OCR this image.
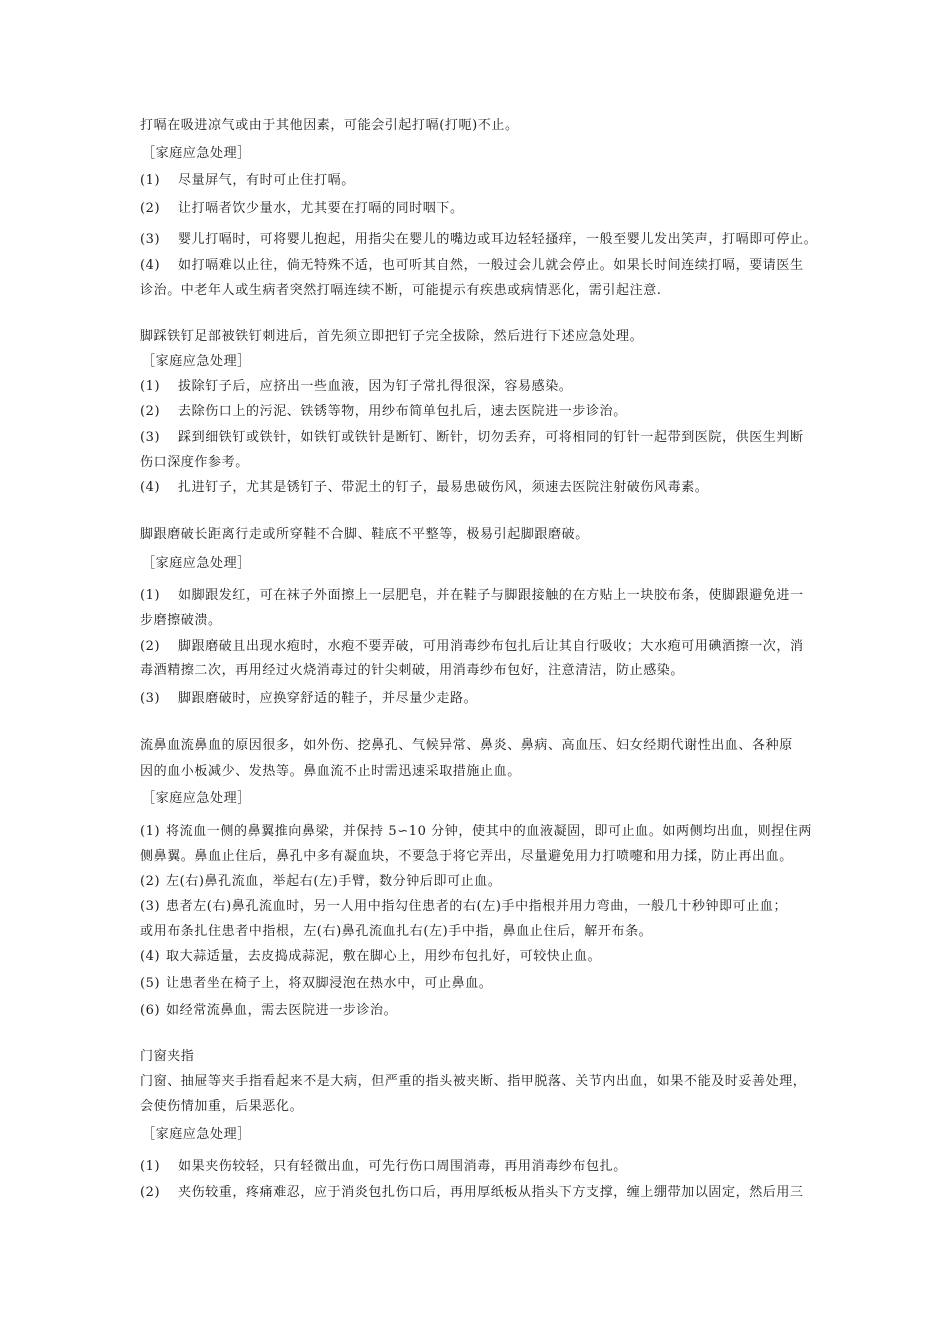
打嗝在吸进凉气或由于其他因素，可能会引起打嗝(打呃)不止。
［家庭应急处理］
(1) 尽量屏气，有时可止住打嗝。
(2) 让打嗝者饮少量水，尤其要在打嗝的同时咽下。
(3) 婴儿打嗝时，可将婴儿抱起，用指尖在婴儿的嘴边或耳边轻轻搔痒，一般至婴儿发出笑声，打嗝即可停止。
(4) 如打嗝难以止往，倘无特殊不适，也可听其自然，一般过会儿就会停止。如果长时间连续打嗝，要请医生
诊治。中老年人或生病者突然打嗝连续不断，可能提示有疾患或病情恶化，需引起注意.
脚踩铁钉足部被铁钉刺进后，首先须立即把钉子完全拔除，然后进行下述应急处理。
［家庭应急处理］
(1) 拔除钉子后，应挤出一些血液，因为钉子常扎得很深，容易感染。
(2) 去除伤口上的污泥、铁锈等物，用纱布简单包扎后，速去医院进一步诊治。
(3) 踩到细铁钉或铁针，如铁钉或铁针是断钉、断针，切勿丢弃，可将相同的钉针一起带到医院，供医生判断
伤口深度作参考。
(4) 扎进钉子，尤其是锈钉子、带泥土的钉子，最易患破伤风，须速去医院注射破伤风毒素。
脚跟磨破长距离行走或所穿鞋不合脚、鞋底不平整等，极易引起脚跟磨破。
［家庭应急处理］
(1) 如脚跟发红，可在袜子外面擦上一层肥皂，并在鞋子与脚跟接触的在方贴上一块胶布条，使脚跟避免进一
步磨擦破溃。
(2) 脚跟磨破且出现水疱时，水疱不要弄破，可用消毒纱布包扎后让其自行吸收；大水疱可用碘酒擦一次，消
毒酒精擦二次，再用经过火烧消毒过的针尖刺破，用消毒纱布包好，注意清洁，防止感染。
(3) 脚跟磨破时，应换穿舒适的鞋子，并尽量少走路。
流鼻血流鼻血的原因很多，如外伤、挖鼻孔、气候异常、鼻炎、鼻病、高血压、妇女经期代谢性出血、各种原
因的血小板减少、发热等。鼻血流不止时需迅速采取措施止血。
［家庭应急处理］
(1) 将流血一侧的鼻翼推向鼻梁，并保持 5∽10 分钟，使其中的血液凝固，即可止血。如两侧均出血，则捏住两
侧鼻翼。鼻血止住后，鼻孔中多有凝血块，不要急于将它弄出，尽量避免用力打喷嚏和用力揉，防止再出血。
(2) 左(右)鼻孔流血，举起右(左)手臂，数分钟后即可止血。
(3) 患者左(右)鼻孔流血时，另一人用中指勾住患者的右(左)手中指根并用力弯曲，一般几十秒钟即可止血；
或用布条扎住患者中指根，左(右)鼻孔流血扎右(左)手中指，鼻血止住后，解开布条。
(4) 取大蒜适量，去皮捣成蒜泥，敷在脚心上，用纱布包扎好，可较快止血。
(5) 让患者坐在椅子上，将双脚浸泡在热水中，可止鼻血。
(6) 如经常流鼻血，需去医院进一步诊治。
门窗夹指
门窗、抽屉等夹手指看起来不是大病，但严重的指头被夹断、指甲脱落、关节内出血，如果不能及时妥善处理，
会使伤情加重，后果恶化。
［家庭应急处理］
(1) 如果夹伤较轻，只有轻微出血，可先行伤口周围消毒，再用消毒纱布包扎。
(2) 夹伤较重，疼痛难忍，应于消炎包扎伤口后，再用厚纸板从指头下方支撑，缠上绷带加以固定，然后用三
